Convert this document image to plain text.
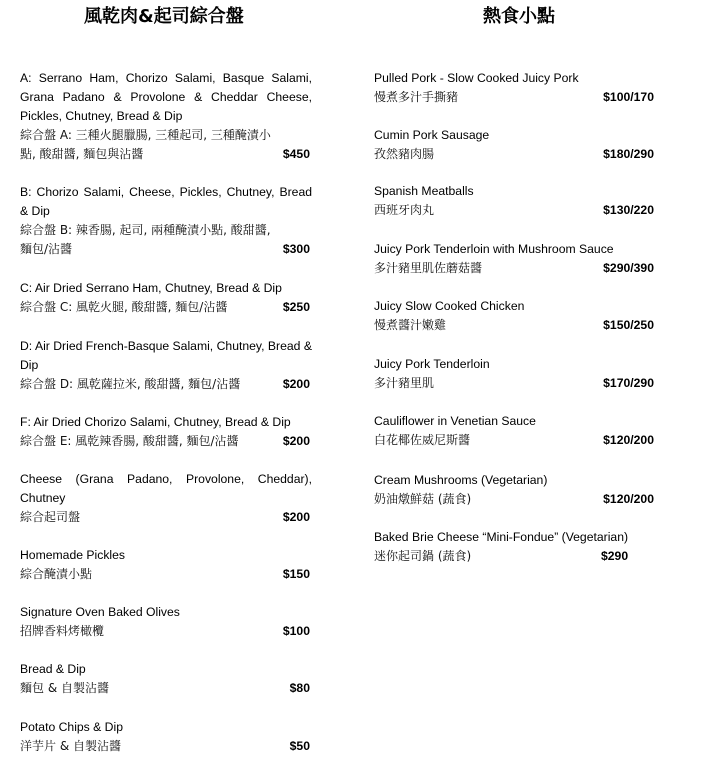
風乾肉&起司綜合盤	熱食小點
A: Serrano Ham, Chorizo Salami, Basque Salami, Grana Padano & Provolone & Cheddar Cheese, Pickles, Chutney, Bread & Dip
綜合盤 A: 三種火腿臘腸, 三種起司, 三種醃漬小點, 酸甜醬, 麵包與沾醬	$450
B: Chorizo Salami, Cheese, Pickles, Chutney, Bread & Dip
綜合盤 B: 辣香腸, 起司, 兩種醃漬小點, 酸甜醬, 麵包/沾醬	$300
C: Air Dried Serrano Ham, Chutney, Bread & Dip
綜合盤 C: 風乾火腿, 酸甜醬, 麵包/沾醬	$250
D: Air Dried French-Basque Salami, Chutney, Bread & Dip
綜合盤 D: 風乾薩拉米, 酸甜醬, 麵包/沾醬	$200
F: Air Dried Chorizo Salami, Chutney, Bread & Dip
綜合盤 E: 風乾辣香腸, 酸甜醬, 麵包/沾醬	$200
Cheese (Grana Padano, Provolone, Cheddar), Chutney
綜合起司盤	$200
Homemade Pickles
綜合醃漬小點	$150
Signature Oven Baked Olives
招牌香料烤橄欖	$100
Bread & Dip
麵包 & 自製沾醬	$80
Potato Chips & Dip
洋芋片 & 自製沾醬	$50
Pulled Pork - Slow Cooked Juicy Pork
慢煮多汁手撕豬	$100/170
Cumin Pork Sausage
孜然豬肉腸	$180/290
Spanish Meatballs
西班牙肉丸	$130/220
Juicy Pork Tenderloin with Mushroom Sauce
多汁豬里肌佐蘑菇醬	$290/390
Juicy Slow Cooked Chicken
慢煮醬汁嫩雞	$150/250
Juicy Pork Tenderloin
多汁豬里肌	$170/290
Cauliflower in Venetian Sauce
白花椰佐威尼斯醬	$120/200
Cream Mushrooms (Vegetarian)
奶油燉鮮菇 (蔬食)	$120/200
Baked Brie Cheese “Mini-Fondue” (Vegetarian)
迷你起司鍋 (蔬食)	$290
